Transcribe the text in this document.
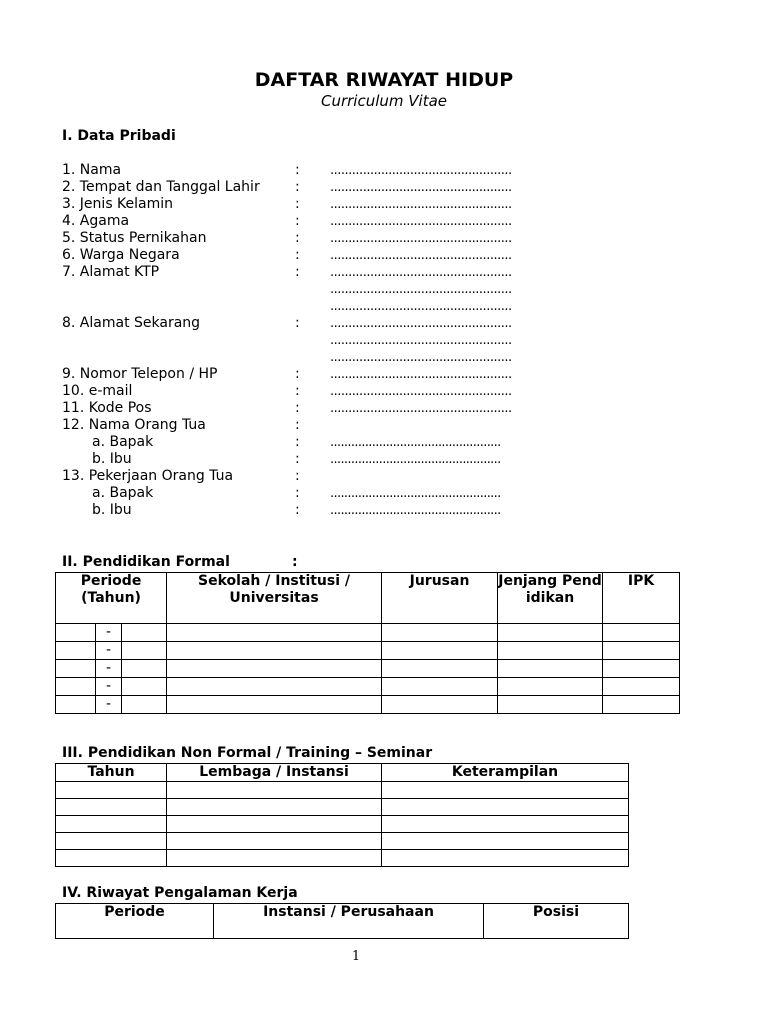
DAFTAR RIWAYAT HIDUP
Curriculum Vitae
I. Data Pribadi
1. Nama	: ..................................................
2. Tempat dan Tanggal Lahir	: ..................................................
3. Jenis Kelamin	: ..................................................
4. Agama	: ..................................................
5. Status Pernikahan	: ..................................................
6. Warga Negara	: ..................................................
7. Alamat KTP	: ..................................................
..................................................
..................................................
8. Alamat Sekarang	: ..................................................
..................................................
..................................................
9. Nomor Telepon / HP	: ..................................................
10. e-mail	: ..................................................
11. Kode Pos	: ..................................................
12. Nama Orang Tua	:
a. Bapak	: .................................................
b. Ibu	: .................................................
13. Pekerjaan Orang Tua	:
a. Bapak	: .................................................
b. Ibu	: .................................................
II. Pendidikan Formal	:
Periode (Tahun)			Sekolah / Institusi / Universitas	Jurusan	Jenjang Pendidikan	IPK
	-					
	-					
	-					
	-					
	-					
III. Pendidikan Non Formal / Training – Seminar
Tahun	Lembaga / Instansi	Keterampilan

IV. Riwayat Pengalaman Kerja
Periode	Instansi / Perusahaan	Posisi
1
